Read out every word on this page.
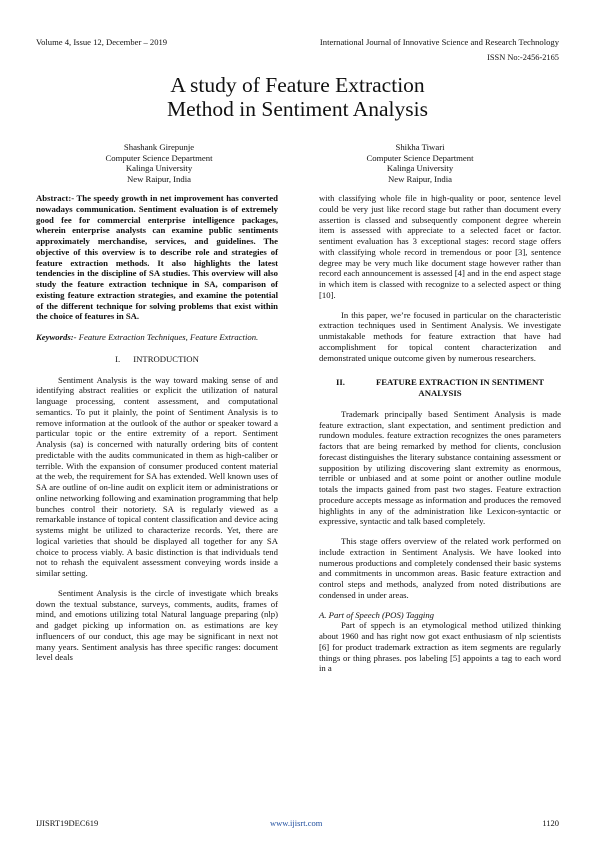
Volume 4, Issue 12, December – 2019	International Journal of Innovative Science and Research Technology
ISSN No:-2456-2165
A study of Feature Extraction
Method in Sentiment Analysis
Shashank Girepunje
Computer Science Department
Kalinga University
New Raipur, India
Shikha Tiwari
Computer Science Department
Kalinga University
New Raipur, India
Abstract:- The speedy growth in net improvement has converted nowadays communication. Sentiment evaluation is of extremely good fee for commercial enterprise intelligence packages, wherein enterprise analysts can examine public sentiments approximately merchandise, services, and guidelines. The objective of this overview is to describe role and strategies of feature extraction methods. It also highlights the latest tendencies in the discipline of SA studies. This overview will also study the feature extraction technique in SA, comparison of existing feature extraction strategies, and examine the potential of the different technique for solving problems that exist within the choice of features in SA.
Keywords:- Feature Extraction Techniques, Feature Extraction.
I.      INTRODUCTION

Sentiment Analysis is the way toward making sense of and identifying abstract realities or explicit the utilization of natural language processing, content assessment, and computational semantics. To put it plainly, the point of Sentiment Analysis is to remove information at the outlook of the author or speaker toward a particular topic or the entire extremity of a report. Sentiment Analysis (sa) is concerned with naturally ordering bits of content predictable with the audits communicated in them as high-caliber or terrible. With the expansion of consumer produced content material at the web, the requirement for SA has extended. Well known uses of SA are outline of on-line audit on explicit item or administrations or online networking following and examination programming that help bunches control their notoriety. SA is regularly viewed as a remarkable instance of topical content classification and device acing systems might be utilized to characterize records. Yet, there are logical varieties that should be displayed all together for any SA choice to process viably. A basic distinction is that individuals tend not to rehash the equivalent assessment conveying words inside a similar setting.

Sentiment Analysis is the circle of investigate which breaks down the textual substance, surveys, comments, audits, frames of mind, and emotions utilizing total Natural language preparing (nlp) and gadget picking up information on. as estimations are key influencers of our conduct, this age may be significant in next not many years. Sentiment analysis has three specific ranges: document level deals

with classifying whole file in high-quality or poor, sentence level could be very just like record stage but rather than document every assertion is classed and subsequently component degree wherein item is assessed with appreciate to a selected facet or factor. sentiment evaluation has 3 exceptional stages: record stage offers with classifying whole record in tremendous or poor [3], sentence degree may be very much like document stage however rather than record each announcement is assessed [4] and in the end aspect stage in which item is classed with recognize to a selected aspect or thing [10].

In this paper, we’re focused in particular on the characteristic extraction techniques used in Sentiment Analysis. We investigate unmistakable methods for feature extraction that have had accomplishment for topical content characterization and demonstrated unique outcome given by numerous researchers.

II.	FEATURE EXTRACTION IN SENTIMENT
ANALYSIS

Trademark principally based Sentiment Analysis is made feature extraction, slant expectation, and sentiment prediction and rundown modules. feature extraction recognizes the ones parameters factors that are being remarked by method for clients, conclusion forecast distinguishes the literary substance containing assessment or supposition by utilizing discovering slant extremity as enormous, terrible or unbiased and at some point or another outline module totals the impacts gained from past two stages. Feature extraction procedure accepts message as information and produces the removed highlights in any of the administration like Lexicon-syntactic or expressive, syntactic and talk based completely.

This stage offers overview of the related work performed on include extraction in Sentiment Analysis. We have looked into numerous productions and completely condensed their basic systems and commitments in uncommon areas. Basic feature extraction and control steps and methods, analyzed from noted distributions are condensed in under areas.

A. Part of Speech (POS) Tagging

Part of sppech is an etymological method utilized thinking about 1960 and has right now got exact enthusiasm of nlp scientists [6] for product trademark extraction as item segments are regularly things or thing phrases. pos labeling [5] appoints a tag to each word in a

IJISRT19DEC619	www.ijisrt.com	1120
